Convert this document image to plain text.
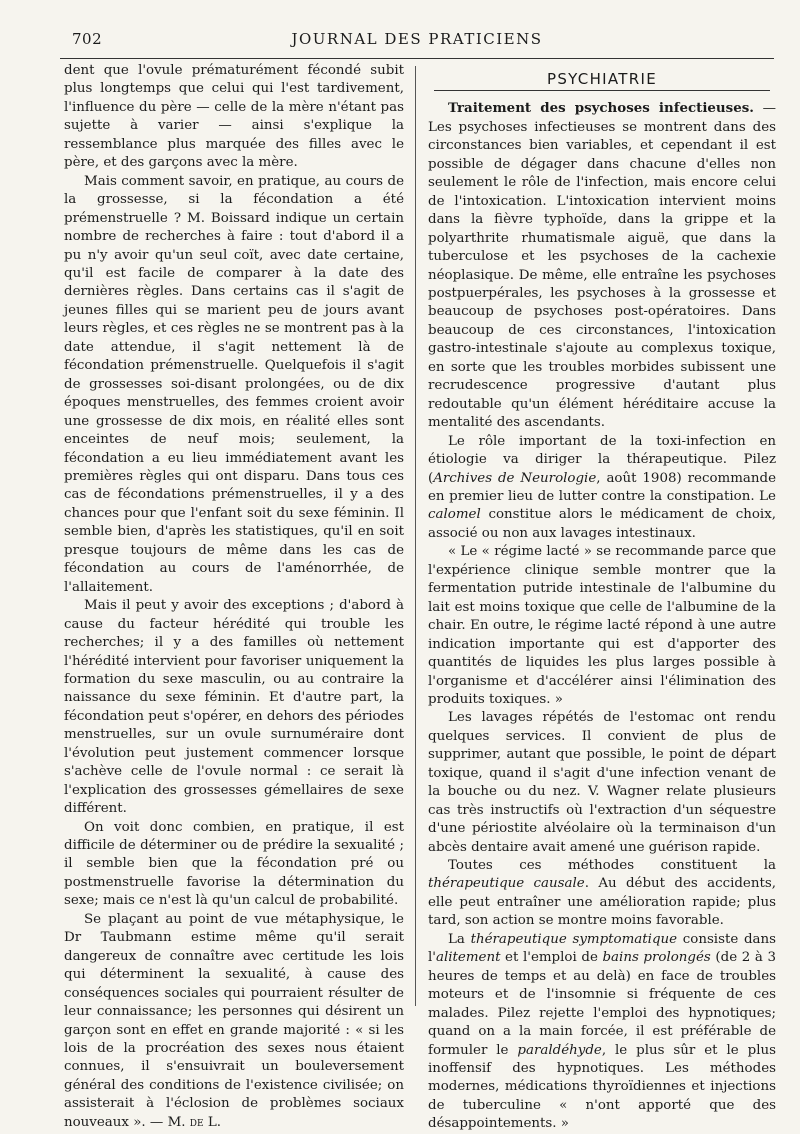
702	JOURNAL DES PRATICIENS

dent que l'ovule prématurément fécondé subit plus longtemps que celui qui l'est tardivement, l'influence du père — celle de la mère n'étant pas sujette à varier — ainsi s'explique la ressemblance plus marquée des filles avec le père, et des garçons avec la mère.

Mais comment savoir, en pratique, au cours de la grossesse, si la fécondation a été prémenstruelle ? M. Boissard indique un certain nombre de recherches à faire : tout d'abord il a pu n'y avoir qu'un seul coït, avec date certaine, qu'il est facile de comparer à la date des dernières règles. Dans certains cas il s'agit de jeunes filles qui se marient peu de jours avant leurs règles, et ces règles ne se montrent pas à la date attendue, il s'agit nettement là de fécondation prémenstruelle. Quelquefois il s'agit de grossesses soi-disant prolongées, ou de dix époques menstruelles, des femmes croient avoir une grossesse de dix mois, en réalité elles sont enceintes de neuf mois; seulement, la fécondation a eu lieu immédiatement avant les premières règles qui ont disparu. Dans tous ces cas de fécondations prémenstruelles, il y a des chances pour que l'enfant soit du sexe féminin. Il semble bien, d'après les statistiques, qu'il en soit presque toujours de même dans les cas de fécondation au cours de l'aménorrhée, de l'allaitement.

Mais il peut y avoir des exceptions ; d'abord à cause du facteur hérédité qui trouble les recherches; il y a des familles où nettement l'hérédité intervient pour favoriser uniquement la formation du sexe masculin, ou au contraire la naissance du sexe féminin. Et d'autre part, la fécondation peut s'opérer, en dehors des périodes menstruelles, sur un ovule surnuméraire dont l'évolution peut justement commencer lorsque s'achève celle de l'ovule normal : ce serait là l'explication des grossesses gémellaires de sexe différent.

On voit donc combien, en pratique, il est difficile de déterminer ou de prédire la sexualité ; il semble bien que la fécondation pré ou postmenstruelle favorise la détermination du sexe; mais ce n'est là qu'un calcul de probabilité.

Se plaçant au point de vue métaphysique, le Dr Taubmann estime même qu'il serait dangereux de connaître avec certitude les lois qui déterminent la sexualité, à cause des conséquences sociales qui pourraient résulter de leur connaissance; les personnes qui désirent un garçon sont en effet en grande majorité : « si les lois de la procréation des sexes nous étaient connues, il s'ensuivrait un bouleversement général des conditions de l'existence civilisée; on assisterait à l'éclosion de problèmes sociaux nouveaux ». — M. de L.

PSYCHIATRIE

Traitement des psychoses infectieuses. — Les psychoses infectieuses se montrent dans des circonstances bien variables, et cependant il est possible de dégager dans chacune d'elles non seulement le rôle de l'infection, mais encore celui de l'intoxication. L'intoxication intervient moins dans la fièvre typhoïde, dans la grippe et la polyarthrite rhumatismale aiguë, que dans la tuberculose et les psychoses de la cachexie néoplasique. De même, elle entraîne les psychoses postpuerpérales, les psychoses à la grossesse et beaucoup de psychoses post-opératoires. Dans beaucoup de ces circonstances, l'intoxication gastro-intestinale s'ajoute au complexus toxique, en sorte que les troubles morbides subissent une recrudescence progressive d'autant plus redoutable qu'un élément héréditaire accuse la mentalité des ascendants.

Le rôle important de la toxi-infection en étiologie va diriger la thérapeutique. Pilez (Archives de Neurologie, août 1908) recommande en premier lieu de lutter contre la constipation. Le calomel constitue alors le médicament de choix, associé ou non aux lavages intestinaux.

« Le « régime lacté » se recommande parce que l'expérience clinique semble montrer que la fermentation putride intestinale de l'albumine du lait est moins toxique que celle de l'albumine de la chair. En outre, le régime lacté répond à une autre indication importante qui est d'apporter des quantités de liquides les plus larges possible à l'organisme et d'accélérer ainsi l'élimination des produits toxiques. »

Les lavages répétés de l'estomac ont rendu quelques services. Il convient de plus de supprimer, autant que possible, le point de départ toxique, quand il s'agit d'une infection venant de la bouche ou du nez. V. Wagner relate plusieurs cas très instructifs où l'extraction d'un séquestre d'une périostite alvéolaire où la terminaison d'un abcès dentaire avait amené une guérison rapide.

Toutes ces méthodes constituent la thérapeutique causale. Au début des accidents, elle peut entraîner une amélioration rapide; plus tard, son action se montre moins favorable.

La thérapeutique symptomatique consiste dans l'alitement et l'emploi de bains prolongés (de 2 à 3 heures de temps et au delà) en face de troubles moteurs et de l'insomnie si fréquente de ces malades. Pilez rejette l'emploi des hypnotiques; quand on a la main forcée, il est préférable de formuler le paraldéhyde, le plus sûr et le plus inoffensif des hypnotiques. Les méthodes modernes, médications thyroïdiennes et injections de tuberculine « n'ont apporté que des désappointements. »
